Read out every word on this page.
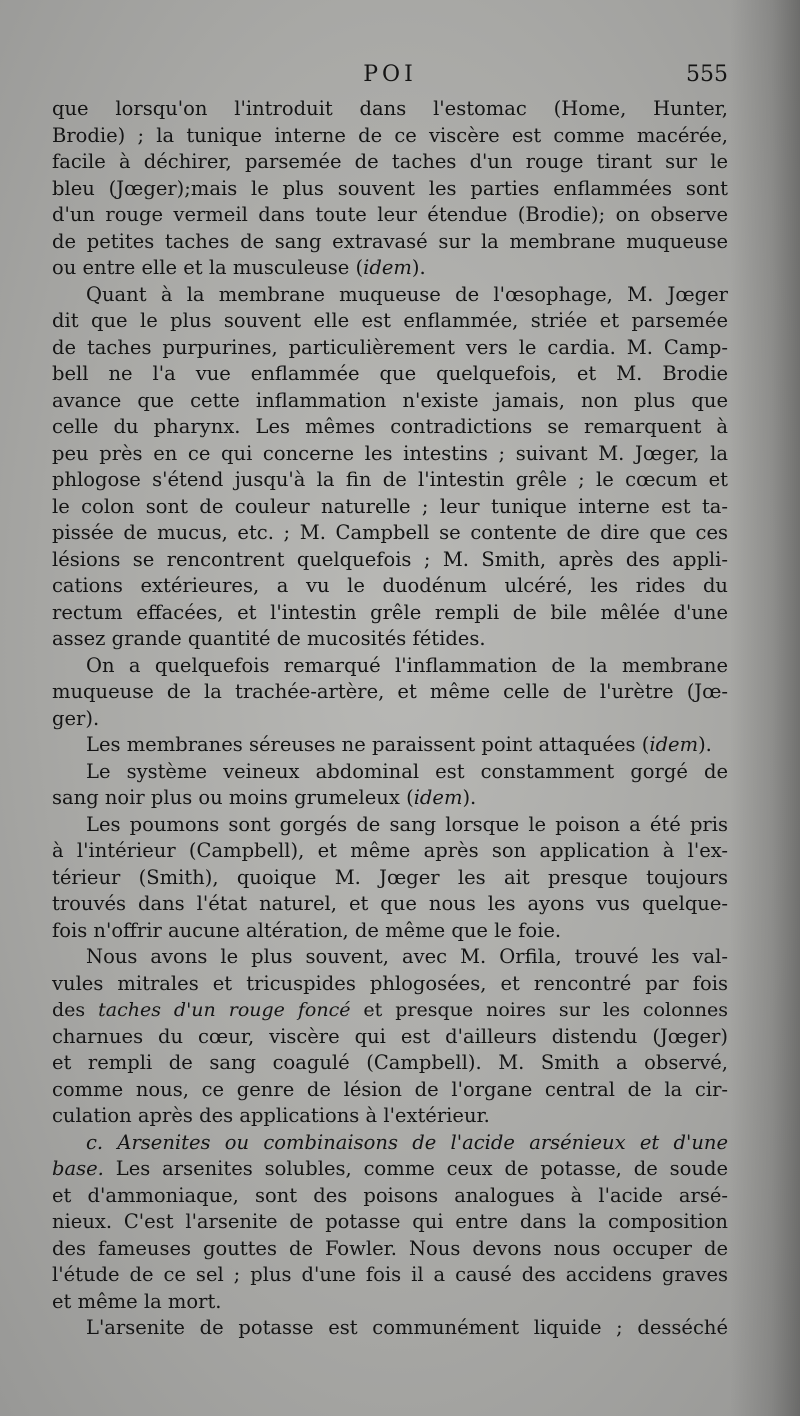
POI	555
que lorsqu'on l'introduit dans l'estomac (Home, Hunter,
Brodie) ; la tunique interne de ce viscère est comme macérée,
facile à déchirer, parsemée de taches d'un rouge tirant sur le
bleu (Jœger);mais le plus souvent les parties enflammées sont
d'un rouge vermeil dans toute leur étendue (Brodie); on observe
de petites taches de sang extravasé sur la membrane muqueuse
ou entre elle et la musculeuse (idem).
Quant à la membrane muqueuse de l'œsophage, M. Jœger
dit que le plus souvent elle est enflammée, striée et parsemée
de taches purpurines, particulièrement vers le cardia. M. Camp-
bell ne l'a vue enflammée que quelquefois, et M. Brodie
avance que cette inflammation n'existe jamais, non plus que
celle du pharynx. Les mêmes contradictions se remarquent à
peu près en ce qui concerne les intestins ; suivant M. Jœger, la
phlogose s'étend jusqu'à la fin de l'intestin grêle ; le cœcum et
le colon sont de couleur naturelle ; leur tunique interne est ta-
pissée de mucus, etc. ; M. Campbell se contente de dire que ces
lésions se rencontrent quelquefois ; M. Smith, après des appli-
cations extérieures, a vu le duodénum ulcéré, les rides du
rectum effacées, et l'intestin grêle rempli de bile mêlée d'une
assez grande quantité de mucosités fétides.
On a quelquefois remarqué l'inflammation de la membrane
muqueuse de la trachée-artère, et même celle de l'urètre (Jœ-
ger).
Les membranes séreuses ne paraissent point attaquées (idem).
Le système veineux abdominal est constamment gorgé de
sang noir plus ou moins grumeleux (idem).
Les poumons sont gorgés de sang lorsque le poison a été pris
à l'intérieur (Campbell), et même après son application à l'ex-
térieur (Smith), quoique M. Jœger les ait presque toujours
trouvés dans l'état naturel, et que nous les ayons vus quelque-
fois n'offrir aucune altération, de même que le foie.
Nous avons le plus souvent, avec M. Orfila, trouvé les val-
vules mitrales et tricuspides phlogosées, et rencontré par fois
des taches d'un rouge foncé et presque noires sur les colonnes
charnues du cœur, viscère qui est d'ailleurs distendu (Jœger)
et rempli de sang coagulé (Campbell). M. Smith a observé,
comme nous, ce genre de lésion de l'organe central de la cir-
culation après des applications à l'extérieur.
c. Arsenites ou combinaisons de l'acide arsénieux et d'une
base. Les arsenites solubles, comme ceux de potasse, de soude
et d'ammoniaque, sont des poisons analogues à l'acide arsé-
nieux. C'est l'arsenite de potasse qui entre dans la composition
des fameuses gouttes de Fowler. Nous devons nous occuper de
l'étude de ce sel ; plus d'une fois il a causé des accidens graves
et même la mort.
L'arsenite de potasse est communément liquide ; desséché
